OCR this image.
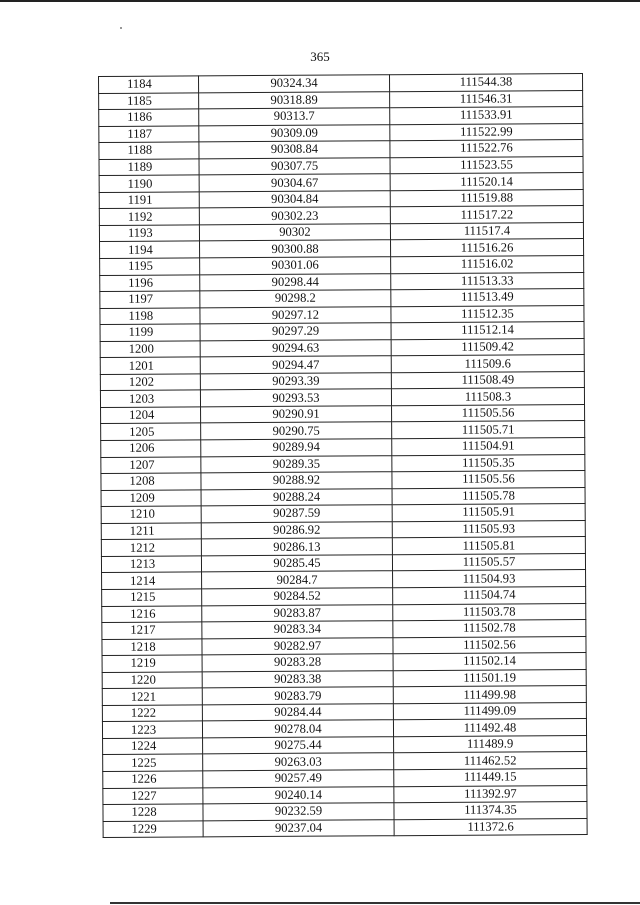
365
1184	90324.34	111544.38
1185	90318.89	111546.31
1186	90313.7	111533.91
1187	90309.09	111522.99
1188	90308.84	111522.76
1189	90307.75	111523.55
1190	90304.67	111520.14
1191	90304.84	111519.88
1192	90302.23	111517.22
1193	90302	111517.4
1194	90300.88	111516.26
1195	90301.06	111516.02
1196	90298.44	111513.33
1197	90298.2	111513.49
1198	90297.12	111512.35
1199	90297.29	111512.14
1200	90294.63	111509.42
1201	90294.47	111509.6
1202	90293.39	111508.49
1203	90293.53	111508.3
1204	90290.91	111505.56
1205	90290.75	111505.71
1206	90289.94	111504.91
1207	90289.35	111505.35
1208	90288.92	111505.56
1209	90288.24	111505.78
1210	90287.59	111505.91
1211	90286.92	111505.93
1212	90286.13	111505.81
1213	90285.45	111505.57
1214	90284.7	111504.93
1215	90284.52	111504.74
1216	90283.87	111503.78
1217	90283.34	111502.78
1218	90282.97	111502.56
1219	90283.28	111502.14
1220	90283.38	111501.19
1221	90283.79	111499.98
1222	90284.44	111499.09
1223	90278.04	111492.48
1224	90275.44	111489.9
1225	90263.03	111462.52
1226	90257.49	111449.15
1227	90240.14	111392.97
1228	90232.59	111374.35
1229	90237.04	111372.6
